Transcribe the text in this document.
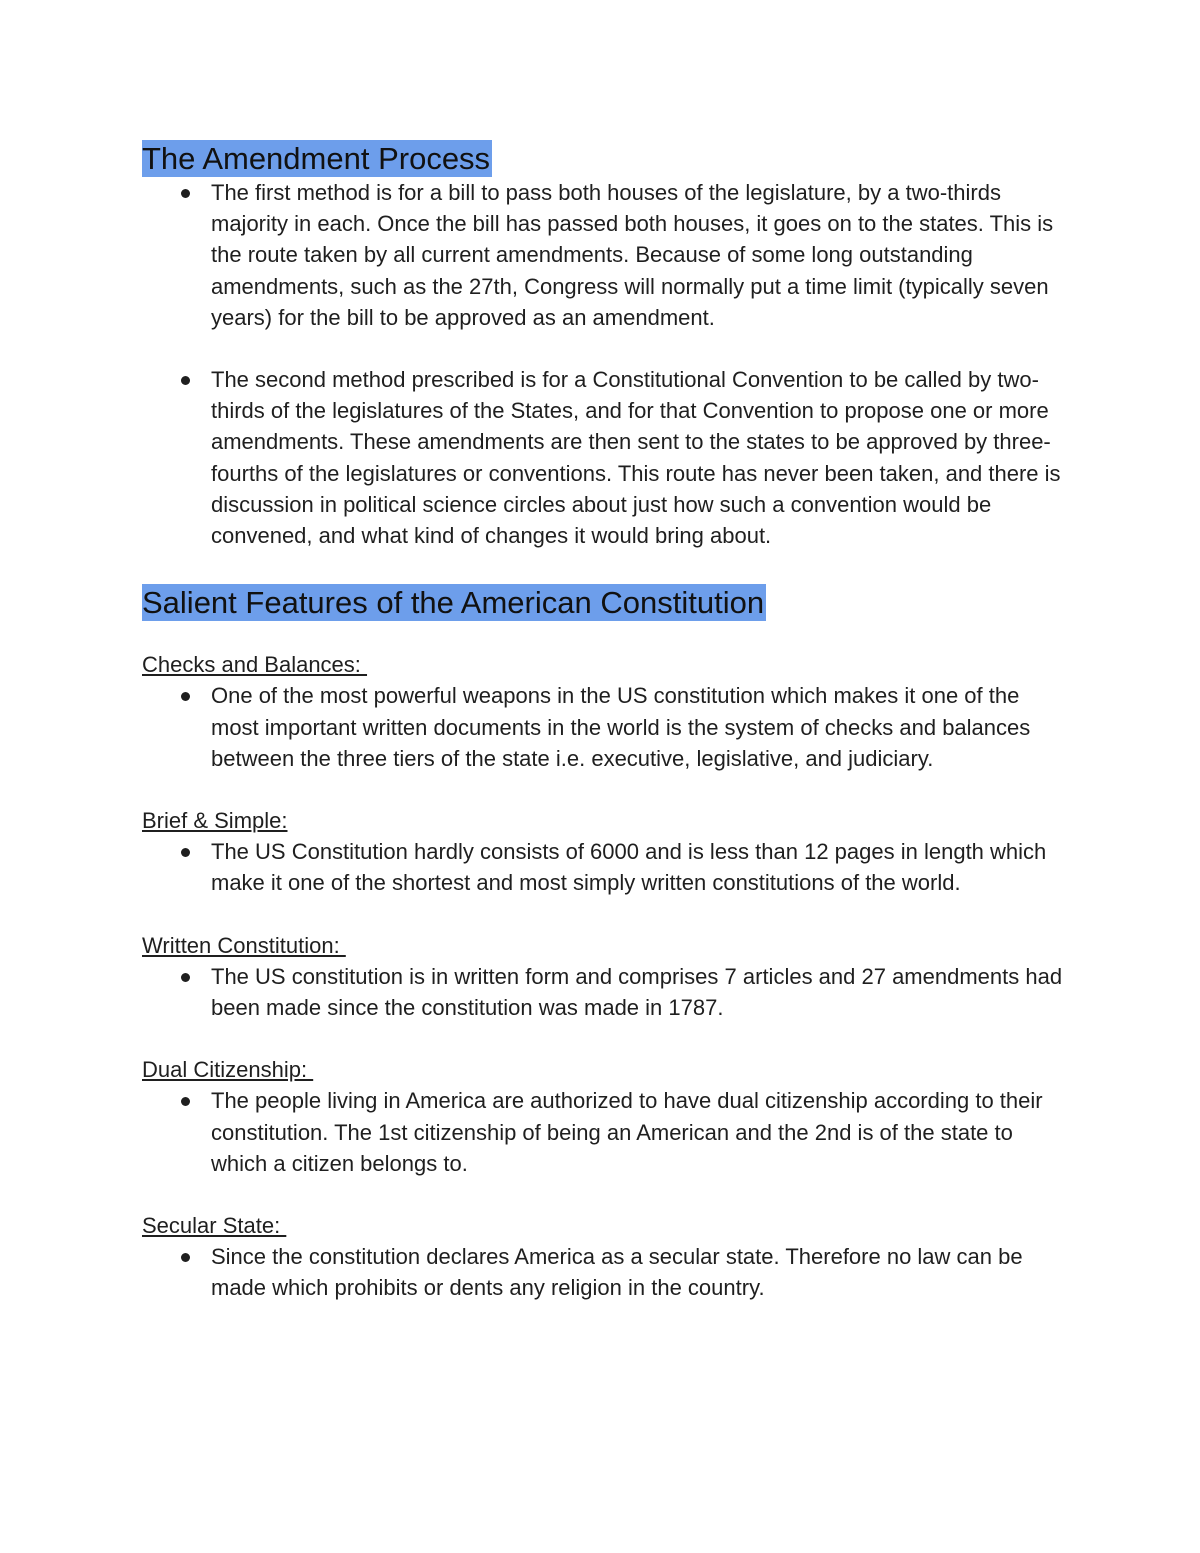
The Amendment Process
The first method is for a bill to pass both houses of the legislature, by a two-thirds majority in each. Once the bill has passed both houses, it goes on to the states. This is the route taken by all current amendments. Because of some long outstanding amendments, such as the 27th, Congress will normally put a time limit (typically seven years) for the bill to be approved as an amendment.
The second method prescribed is for a Constitutional Convention to be called by two-thirds of the legislatures of the States, and for that Convention to propose one or more amendments. These amendments are then sent to the states to be approved by three-fourths of the legislatures or conventions. This route has never been taken, and there is discussion in political science circles about just how such a convention would be convened, and what kind of changes it would bring about.
Salient Features of the American Constitution

Checks and Balances:

One of the most powerful weapons in the US constitution which makes it one of the most important written documents in the world is the system of checks and balances between the three tiers of the state i.e. executive, legislative, and judiciary.

Brief & Simple:

The US Constitution hardly consists of 6000 and is less than 12 pages in length which make it one of the shortest and most simply written constitutions of the world.

Written Constitution:

The US constitution is in written form and comprises 7 articles and 27 amendments had been made since the constitution was made in 1787.

Dual Citizenship:

The people living in America are authorized to have dual citizenship according to their constitution. The 1st citizenship of being an American and the 2nd is of the state to which a citizen belongs to.

Secular State:

Since the constitution declares America as a secular state. Therefore no law can be made which prohibits or dents any religion in the country.
